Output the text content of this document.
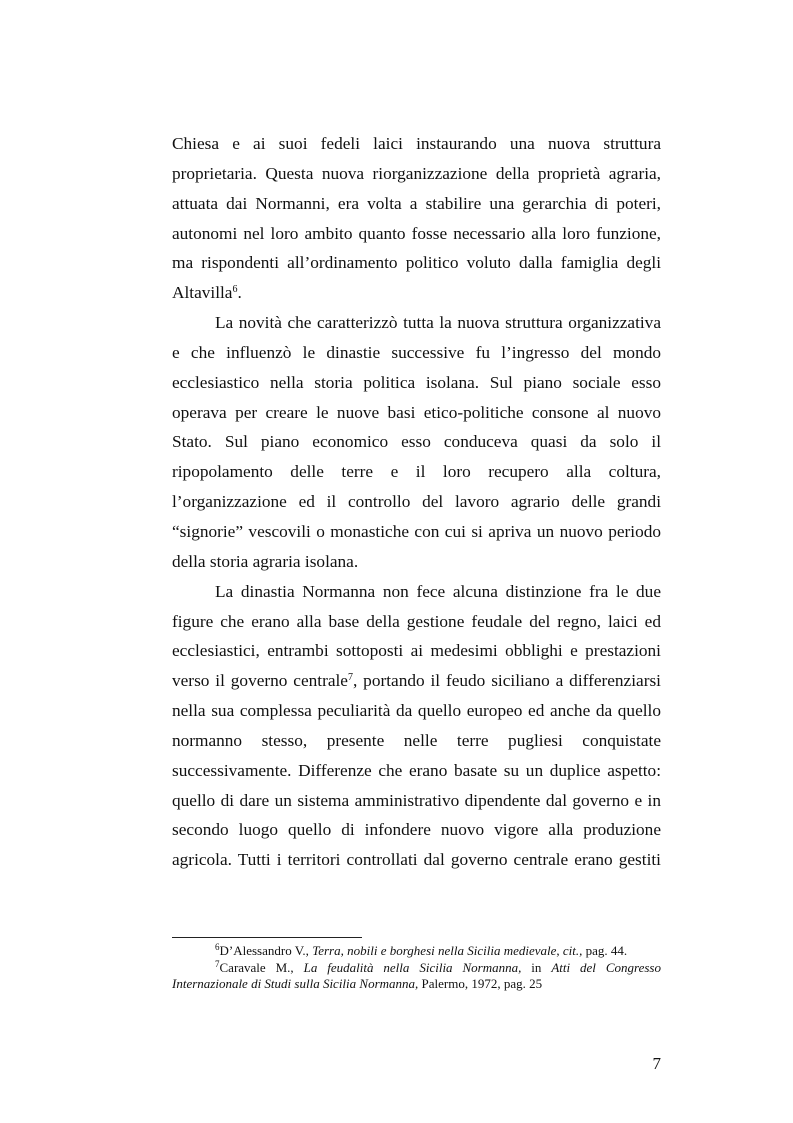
Chiesa e ai suoi fedeli laici instaurando una nuova struttura
proprietaria. Questa nuova riorganizzazione della proprietà agraria,
attuata dai Normanni, era volta a stabilire una gerarchia di poteri,
autonomi nel loro ambito quanto fosse necessario alla loro funzione,
ma rispondenti all’ordinamento politico voluto dalla famiglia degli
Altavilla$^6$.
La novità che caratterizzò tutta la nuova struttura organizzativa
e che influenzò le dinastie successive fu l’ingresso del mondo
ecclesiastico nella storia politica isolana. Sul piano sociale esso
operava per creare le nuove basi etico-politiche consone al nuovo
Stato. Sul piano economico esso conduceva quasi da solo il
ripopolamento delle terre e il loro recupero alla coltura,
l’organizzazione ed il controllo del lavoro agrario delle grandi
“signorie” vescovili o monastiche con cui si apriva un nuovo periodo
della storia agraria isolana.
La dinastia Normanna non fece alcuna distinzione fra le due
figure che erano alla base della gestione feudale del regno, laici ed
ecclesiastici, entrambi sottoposti ai medesimi obblighi e prestazioni
verso il governo centrale$^7$, portando il feudo siciliano a differenziarsi
nella sua complessa peculiarità da quello europeo ed anche da quello
normanno stesso, presente nelle terre pugliesi conquistate
successivamente. Differenze che erano basate su un duplice aspetto:
quello di dare un sistema amministrativo dipendente dal governo e in
secondo luogo quello di infondere nuovo vigore alla produzione
agricola. Tutti i territori controllati dal governo centrale erano gestiti
$^6$D’Alessandro V., Terra, nobili e borghesi nella Sicilia medievale, cit., pag. 44.
$^7$Caravale M., La feudalità nella Sicilia Normanna, in Atti del Congresso
Internazionale di Studi sulla Sicilia Normanna, Palermo, 1972, pag. 25
7
